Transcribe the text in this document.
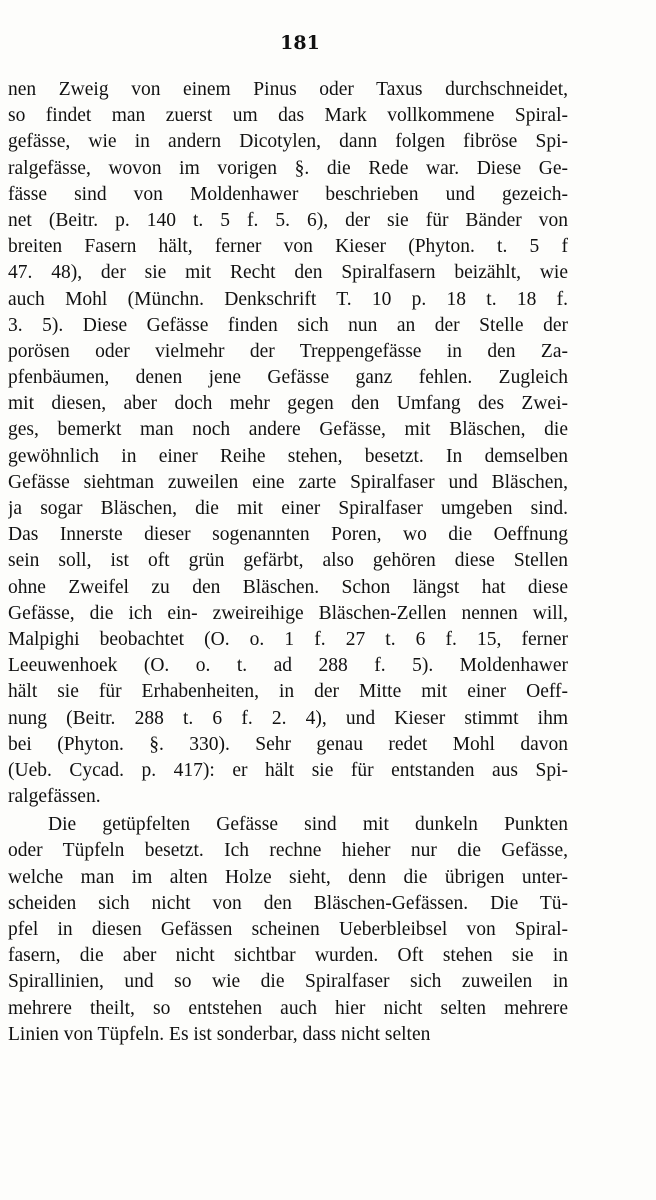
181
nen Zweig von einem Pinus oder Taxus durchschneidet,
so findet man zuerst um das Mark vollkommene Spiral-
gefässe, wie in andern Dicotylen, dann folgen fibröse Spi-
ralgefässe, wovon im vorigen §. die Rede war. Diese Ge-
fässe sind von Moldenhawer beschrieben und gezeich-
net (Beitr. p. 140 t. 5 f. 5. 6), der sie für Bänder von
breiten Fasern hält, ferner von Kieser (Phyton. t. 5 f
47. 48), der sie mit Recht den Spiralfasern beizählt, wie
auch Mohl (Münchn. Denkschrift T. 10 p. 18 t. 18 f.
3. 5). Diese Gefässe finden sich nun an der Stelle der
porösen oder vielmehr der Treppengefässe in den Za-
pfenbäumen, denen jene Gefässe ganz fehlen. Zugleich
mit diesen, aber doch mehr gegen den Umfang des Zwei-
ges, bemerkt man noch andere Gefässe, mit Bläschen, die
gewöhnlich in einer Reihe stehen, besetzt. In demselben
Gefässe siehtman zuweilen eine zarte Spiralfaser und Bläschen,
ja sogar Bläschen, die mit einer Spiralfaser umgeben sind.
Das Innerste dieser sogenannten Poren, wo die Oeffnung
sein soll, ist oft grün gefärbt, also gehören diese Stellen
ohne Zweifel zu den Bläschen. Schon längst hat diese
Gefässe, die ich ein- zweireihige Bläschen-Zellen nennen will,
Malpighi beobachtet (O. o. 1 f. 27 t. 6 f. 15, ferner
Leeuwenhoek (O. o. t. ad 288 f. 5). Moldenhawer
hält sie für Erhabenheiten, in der Mitte mit einer Oeff-
nung (Beitr. 288 t. 6 f. 2. 4), und Kieser stimmt ihm
bei (Phyton. §. 330). Sehr genau redet Mohl davon
(Ueb. Cycad. p. 417): er hält sie für entstanden aus Spi-
ralgefässen.
Die getüpfelten Gefässe sind mit dunkeln Punkten
oder Tüpfeln besetzt. Ich rechne hieher nur die Gefässe,
welche man im alten Holze sieht, denn die übrigen unter-
scheiden sich nicht von den Bläschen-Gefässen. Die Tü-
pfel in diesen Gefässen scheinen Ueberbleibsel von Spiral-
fasern, die aber nicht sichtbar wurden. Oft stehen sie in
Spirallinien, und so wie die Spiralfaser sich zuweilen in
mehrere theilt, so entstehen auch hier nicht selten mehrere
Linien von Tüpfeln. Es ist sonderbar, dass nicht selten
